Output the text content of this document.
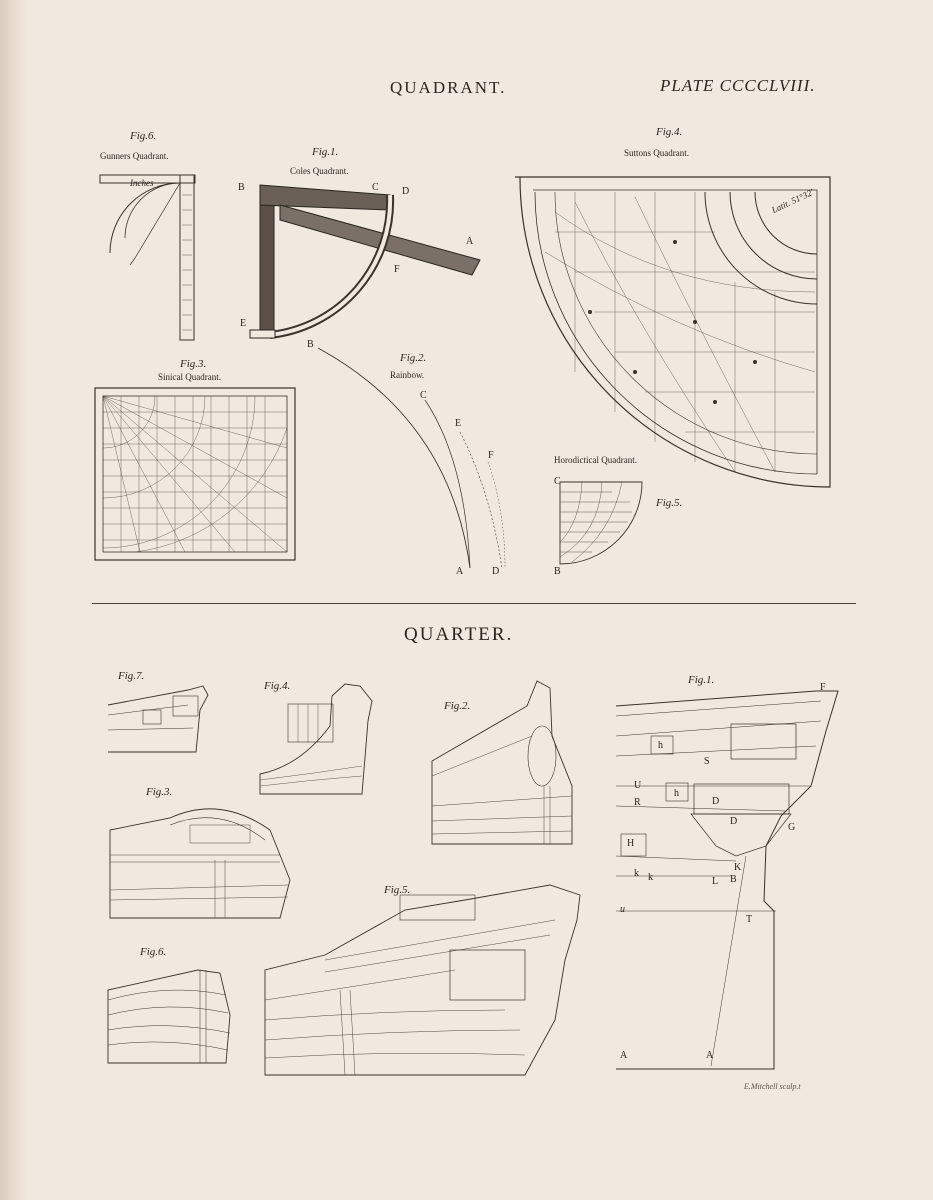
QUADRANT.	PLATE CCCCLVIII.
Fig.6.
Gunners Quadrant.
Inches
Fig.1.
Coles Quadrant.
B	C D
A
F
E
Fig.4.
Suttons Quadrant.
Latit. 51°32′
Fig.3.
Sinical Quadrant.
Fig.2.
Rainbow.
B
C
E
F
A	D
Horodictical Quadrant.
Fig.5.
C
B
QUARTER.
Fig.7.
Fig.4.
Fig.2.
Fig.1.
F
h
h
S
U
R	D
D
G
H
k k
K
L B
u
T
A	A
Fig.3.
Fig.5.
Fig.6.
E.Mitchell sculp.t
